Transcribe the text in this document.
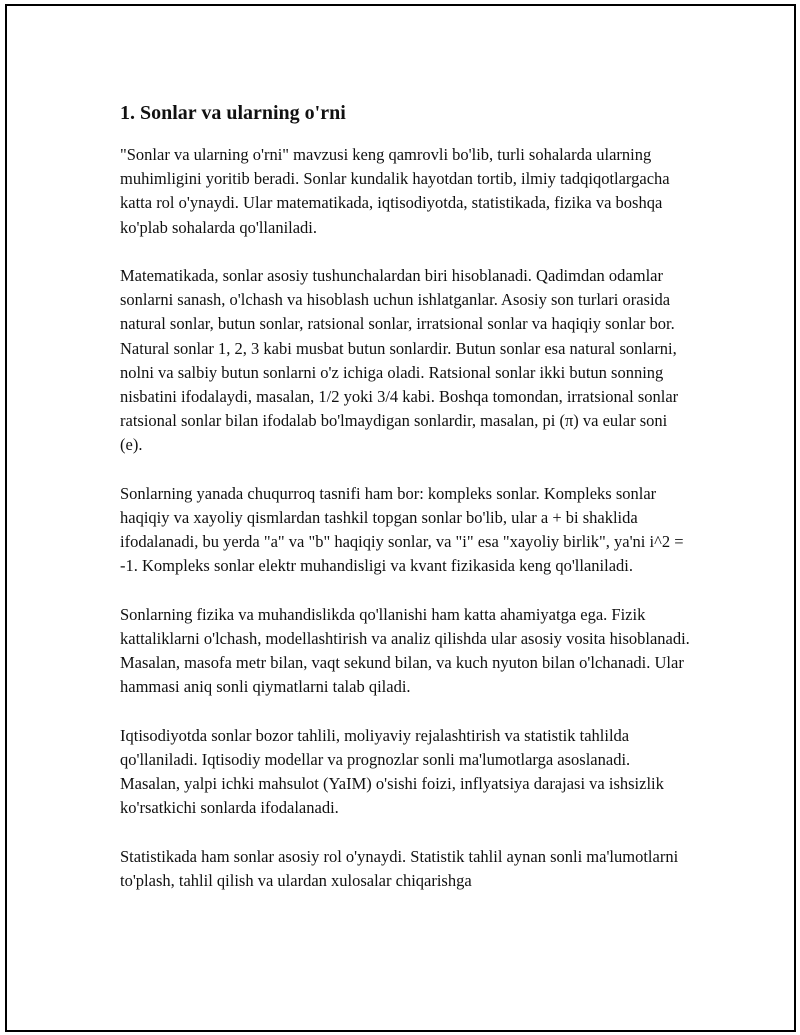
1. Sonlar va ularning o'rni

"Sonlar va ularning o'rni" mavzusi keng qamrovli bo'lib, turli sohalarda ularning muhimligini yoritib beradi. Sonlar kundalik hayotdan tortib, ilmiy tadqiqotlargacha katta rol o'ynaydi. Ular matematikada, iqtisodiyotda, statistikada, fizika va boshqa ko'plab sohalarda qo'llaniladi.

Matematikada, sonlar asosiy tushunchalardan biri hisoblanadi. Qadimdan odamlar sonlarni sanash, o'lchash va hisoblash uchun ishlatganlar. Asosiy son turlari orasida natural sonlar, butun sonlar, ratsional sonlar, irratsional sonlar va haqiqiy sonlar bor. Natural sonlar 1, 2, 3 kabi musbat butun sonlardir. Butun sonlar esa natural sonlarni, nolni va salbiy butun sonlarni o'z ichiga oladi. Ratsional sonlar ikki butun sonning nisbatini ifodalaydi, masalan, 1/2 yoki 3/4 kabi. Boshqa tomondan, irratsional sonlar ratsional sonlar bilan ifodalab bo'lmaydigan sonlardir, masalan, pi (π) va eular soni (e).

Sonlarning yanada chuqurroq tasnifi ham bor: kompleks sonlar. Kompleks sonlar haqiqiy va xayoliy qismlardan tashkil topgan sonlar bo'lib, ular a + bi shaklida ifodalanadi, bu yerda "a" va "b" haqiqiy sonlar, va "i" esa "xayoliy birlik", ya'ni i^2 = -1. Kompleks sonlar elektr muhandisligi va kvant fizikasida keng qo'llaniladi.

Sonlarning fizika va muhandislikda qo'llanishi ham katta ahamiyatga ega. Fizik kattaliklarni o'lchash, modellashtirish va analiz qilishda ular asosiy vosita hisoblanadi. Masalan, masofa metr bilan, vaqt sekund bilan, va kuch nyuton bilan o'lchanadi. Ular hammasi aniq sonli qiymatlarni talab qiladi.

Iqtisodiyotda sonlar bozor tahlili, moliyaviy rejalashtirish va statistik tahlilda qo'llaniladi. Iqtisodiy modellar va prognozlar sonli ma'lumotlarga asoslanadi. Masalan, yalpi ichki mahsulot (YaIM) o'sishi foizi, inflyatsiya darajasi va ishsizlik ko'rsatkichi sonlarda ifodalanadi.

Statistikada ham sonlar asosiy rol o'ynaydi. Statistik tahlil aynan sonli ma'lumotlarni to'plash, tahlil qilish va ulardan xulosalar chiqarishga
